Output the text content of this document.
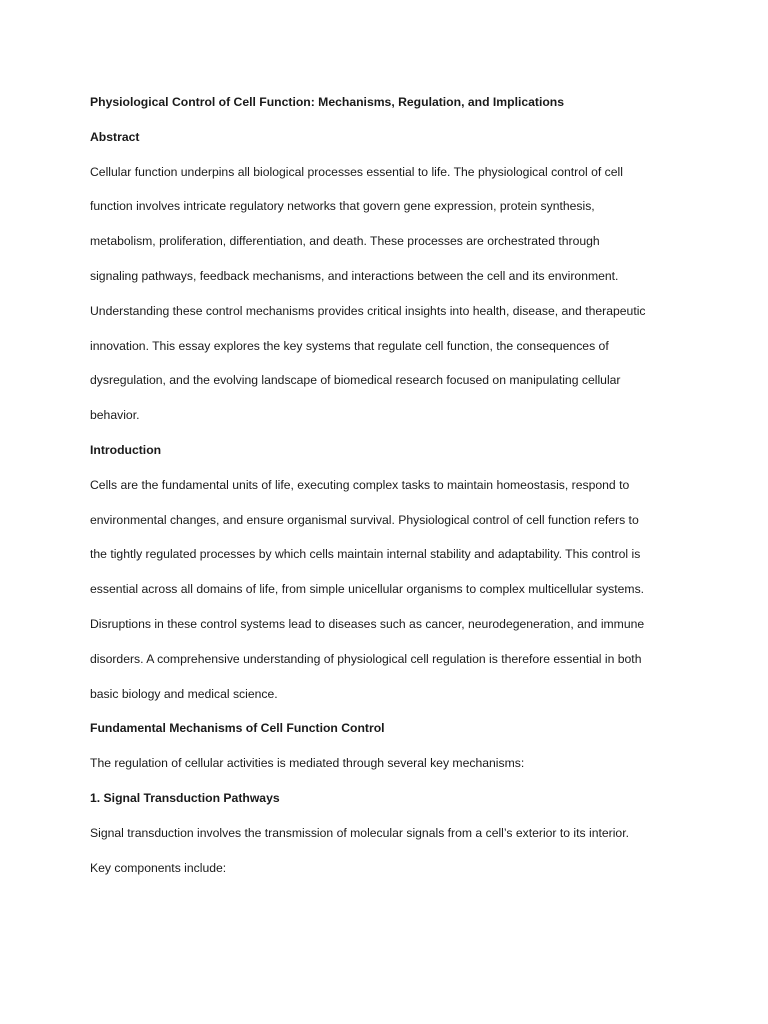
Physiological Control of Cell Function: Mechanisms, Regulation, and Implications
Abstract
Cellular function underpins all biological processes essential to life. The physiological control of cell
function involves intricate regulatory networks that govern gene expression, protein synthesis,
metabolism, proliferation, differentiation, and death. These processes are orchestrated through
signaling pathways, feedback mechanisms, and interactions between the cell and its environment.
Understanding these control mechanisms provides critical insights into health, disease, and therapeutic
innovation. This essay explores the key systems that regulate cell function, the consequences of
dysregulation, and the evolving landscape of biomedical research focused on manipulating cellular
behavior.
Introduction
Cells are the fundamental units of life, executing complex tasks to maintain homeostasis, respond to
environmental changes, and ensure organismal survival. Physiological control of cell function refers to
the tightly regulated processes by which cells maintain internal stability and adaptability. This control is
essential across all domains of life, from simple unicellular organisms to complex multicellular systems.
Disruptions in these control systems lead to diseases such as cancer, neurodegeneration, and immune
disorders. A comprehensive understanding of physiological cell regulation is therefore essential in both
basic biology and medical science.
Fundamental Mechanisms of Cell Function Control
The regulation of cellular activities is mediated through several key mechanisms:
1. Signal Transduction Pathways
Signal transduction involves the transmission of molecular signals from a cell’s exterior to its interior.
Key components include:
